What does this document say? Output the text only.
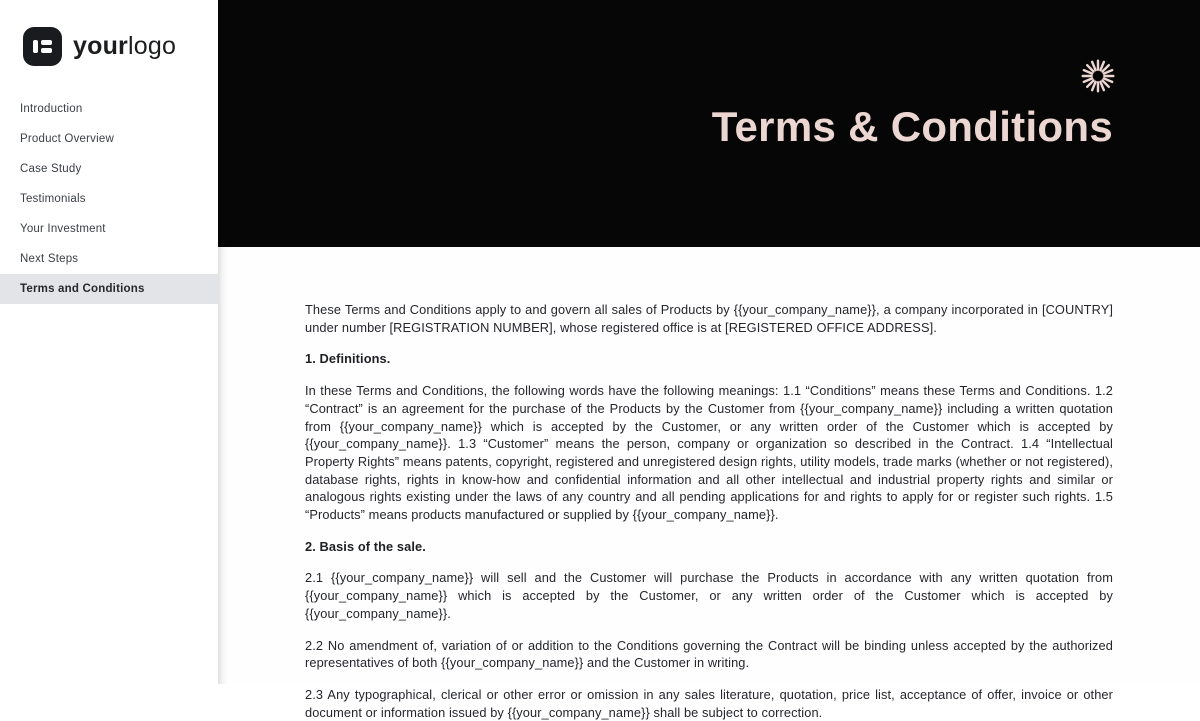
yourlogo
Introduction
Product Overview
Case Study
Testimonials
Your Investment
Next Steps
Terms and Conditions
Terms & Conditions

These Terms and Conditions apply to and govern all sales of Products by {{your_company_name}}, a company incorporated in [COUNTRY] under number [REGISTRATION NUMBER], whose registered office is at [REGISTERED OFFICE ADDRESS].

1. Definitions.

In these Terms and Conditions, the following words have the following meanings: 1.1 “Conditions” means these Terms and Conditions. 1.2 “Contract” is an agreement for the purchase of the Products by the Customer from {{your_company_name}} including a written quotation from {{your_company_name}} which is accepted by the Customer, or any written order of the Customer which is accepted by {{your_company_name}}. 1.3 “Customer” means the person, company or organization so described in the Contract. 1.4 “Intellectual Property Rights” means patents, copyright, registered and unregistered design rights, utility models, trade marks (whether or not registered), database rights, rights in know-how and confidential information and all other intellectual and industrial property rights and similar or analogous rights existing under the laws of any country and all pending applications for and rights to apply for or register such rights. 1.5 “Products” means products manufactured or supplied by {{your_company_name}}.

2. Basis of the sale.

2.1 {{your_company_name}} will sell and the Customer will purchase the Products in accordance with any written quotation from {{your_company_name}} which is accepted by the Customer, or any written order of the Customer which is accepted by {{your_company_name}}.

2.2 No amendment of, variation of or addition to the Conditions governing the Contract will be binding unless accepted by the authorized representatives of both {{your_company_name}} and the Customer in writing.

2.3 Any typographical, clerical or other error or omission in any sales literature, quotation, price list, acceptance of offer, invoice or other document or information issued by {{your_company_name}} shall be subject to correction.
